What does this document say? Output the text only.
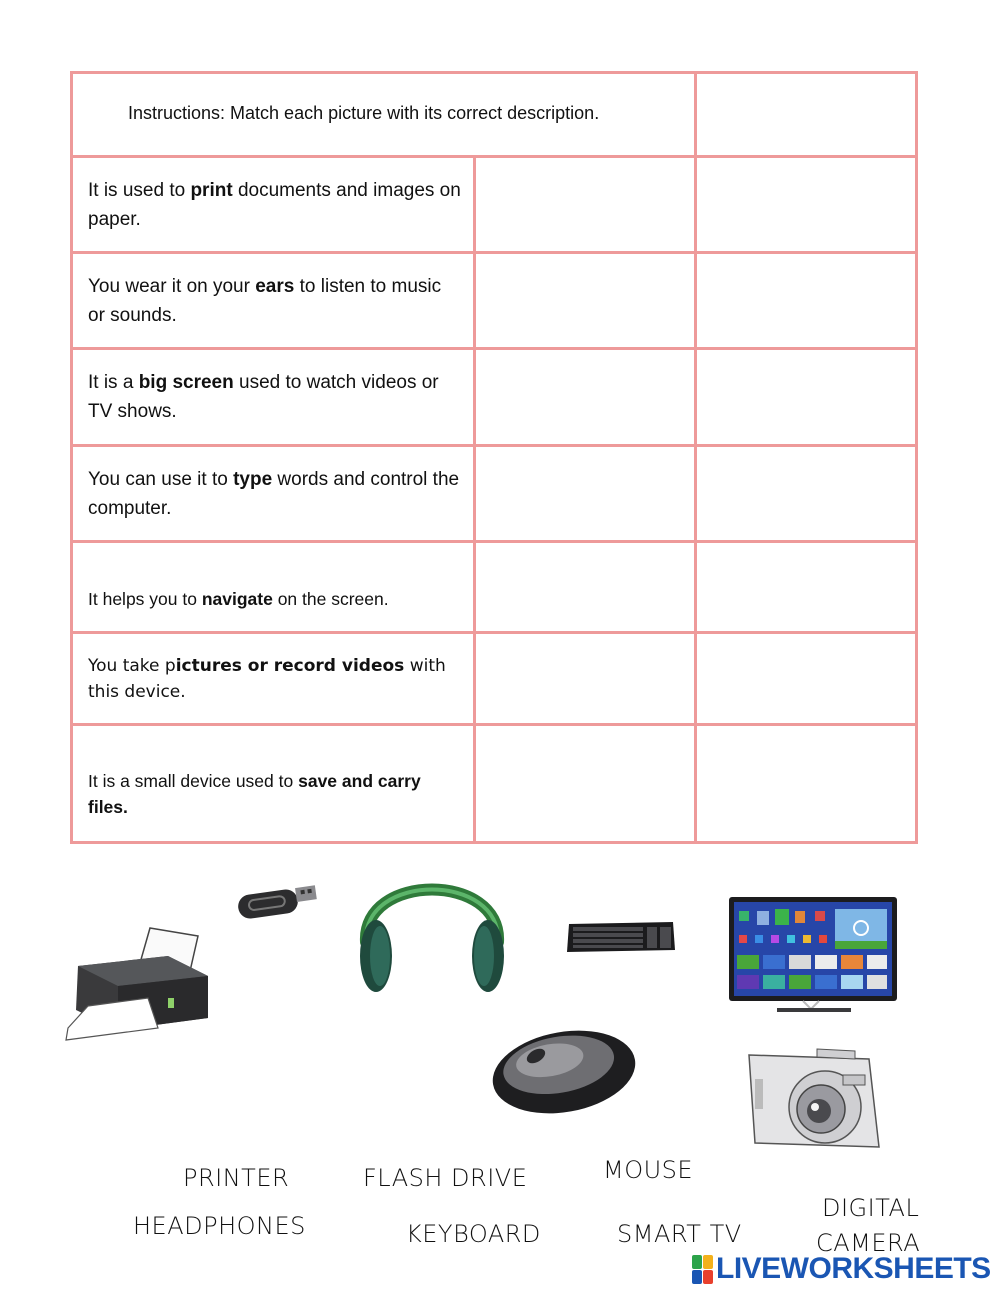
Instructions: Match each picture with its correct description.
It is used to print documents and images on paper.
You wear it on your ears to listen to music or sounds.
It is a big screen used to watch videos or TV shows.
You can use it to type words and control the computer.
It helps you to navigate on the screen.
You take pictures or record videos with this device.
It is a small device used to save and carry files.
PRINTER	FLASH DRIVE	MOUSE
DIGITAL
CAMERA
HEADPHONES	KEYBOARD	SMART TV
LIVEWORKSHEETS
